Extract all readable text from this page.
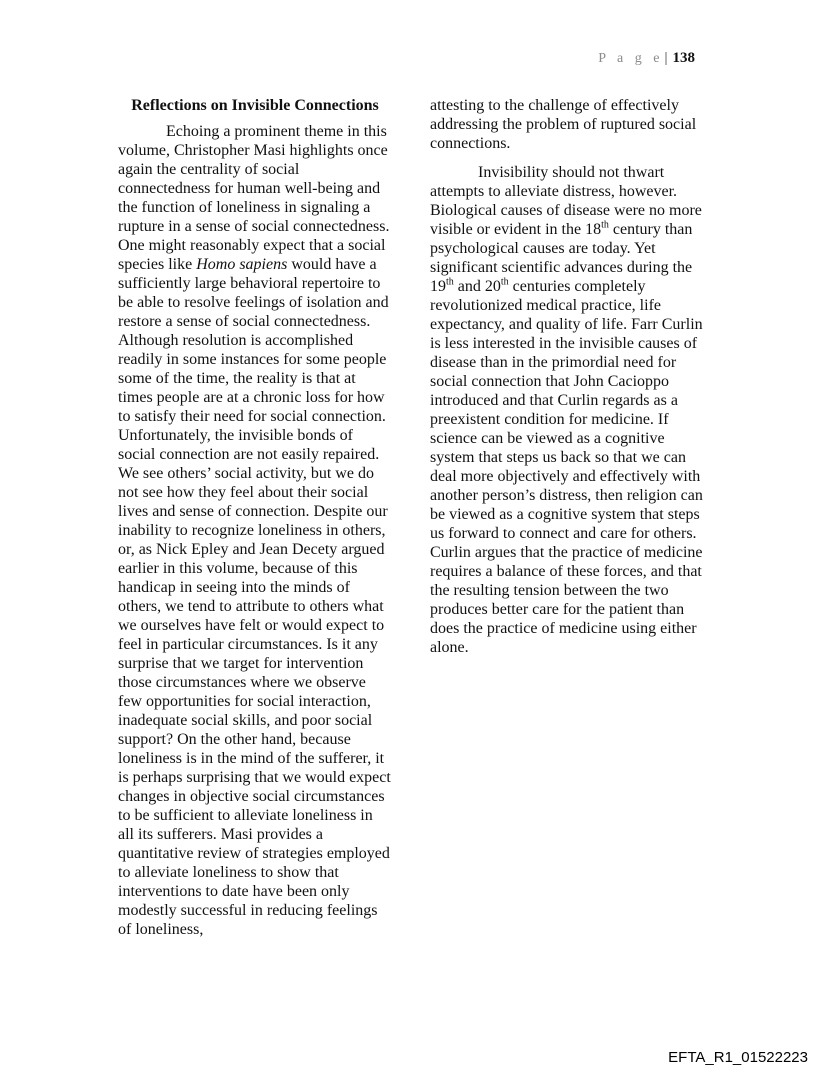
P a g e| 138
Reflections on Invisible Connections

Echoing a prominent theme in this volume, Christopher Masi highlights once again the centrality of social connectedness for human well-being and the function of loneliness in signaling a rupture in a sense of social connectedness. One might reasonably expect that a social species like Homo sapiens would have a sufficiently large behavioral repertoire to be able to resolve feelings of isolation and restore a sense of social connectedness. Although resolution is accomplished readily in some instances for some people some of the time, the reality is that at times people are at a chronic loss for how to satisfy their need for social connection. Unfortunately, the invisible bonds of social connection are not easily repaired. We see others’ social activity, but we do not see how they feel about their social lives and sense of connection. Despite our inability to recognize loneliness in others, or, as Nick Epley and Jean Decety argued earlier in this volume, because of this handicap in seeing into the minds of others, we tend to attribute to others what we ourselves have felt or would expect to feel in particular circumstances. Is it any surprise that we target for intervention those circumstances where we observe few opportunities for social interaction, inadequate social skills, and poor social support? On the other hand, because loneliness is in the mind of the sufferer, it is perhaps surprising that we would expect changes in objective social circumstances to be sufficient to alleviate loneliness in all its sufferers. Masi provides a quantitative review of strategies employed to alleviate loneliness to show that interventions to date have been only modestly successful in reducing feelings of loneliness,

attesting to the challenge of effectively addressing the problem of ruptured social connections.

Invisibility should not thwart attempts to alleviate distress, however. Biological causes of disease were no more visible or evident in the 18th century than psychological causes are today. Yet significant scientific advances during the 19th and 20th centuries completely revolutionized medical practice, life expectancy, and quality of life. Farr Curlin is less interested in the invisible causes of disease than in the primordial need for social connection that John Cacioppo introduced and that Curlin regards as a preexistent condition for medicine. If science can be viewed as a cognitive system that steps us back so that we can deal more objectively and effectively with another person’s distress, then religion can be viewed as a cognitive system that steps us forward to connect and care for others. Curlin argues that the practice of medicine requires a balance of these forces, and that the resulting tension between the two produces better care for the patient than does the practice of medicine using either alone.

EFTA_R1_01522223
